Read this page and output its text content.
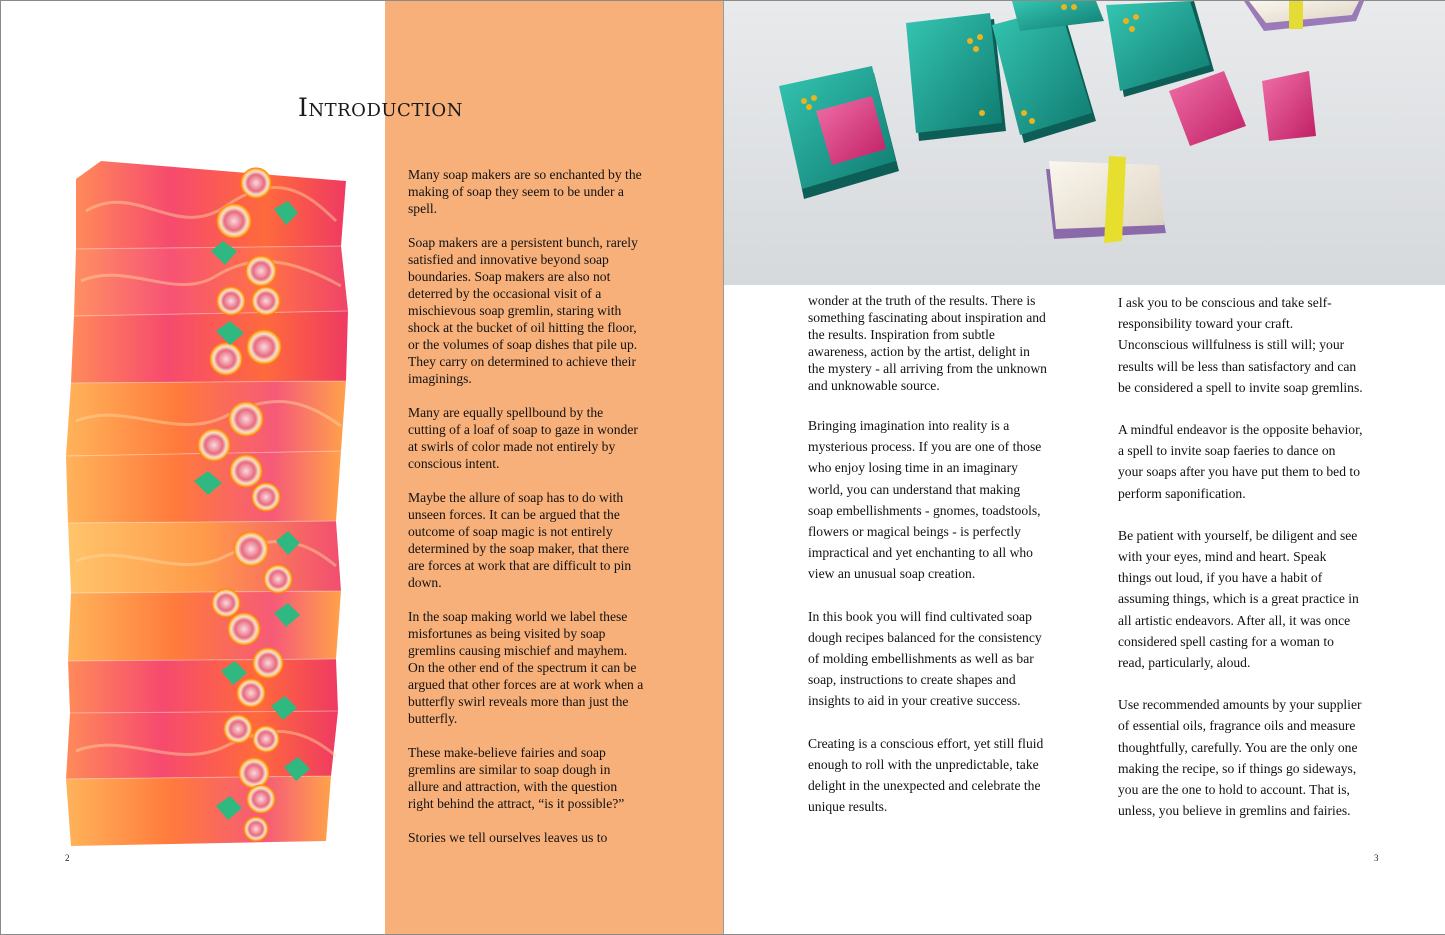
Introduction

Many soap makers are so enchanted by the making of soap they seem to be under a spell.

Soap makers are a persistent bunch, rarely satisfied and innovative beyond soap boundaries. Soap makers are also not deterred by the occasional visit of a mischievous soap gremlin, staring with shock at the bucket of oil hitting the floor, or the volumes of soap dishes that pile up. They carry on determined to achieve their imaginings.

Many are equally spellbound by the cutting of a loaf of soap to gaze in wonder at swirls of color made not entirely by conscious intent.

Maybe the allure of soap has to do with unseen forces. It can be argued that the outcome of soap magic is not entirely determined by the soap maker, that there are forces at work that are difficult to pin down.

In the soap making world we label these misfortunes as being visited by soap gremlins causing mischief and mayhem. On the other end of the spectrum it can be argued that other forces are at work when a butterfly swirl reveals more than just the butterfly.

These make-believe fairies and soap gremlins are similar to soap dough in allure and attraction, with the question right behind the attract, “is it possible?”

Stories we tell ourselves leaves us to

2

wonder at the truth of the results. There is something fascinating about inspiration and the results. Inspiration from subtle awareness, action by the artist, delight in the mystery - all arriving from the unknown and unknowable source.

Bringing imagination into reality is a mysterious process. If you are one of those who enjoy losing time in an imaginary world, you can understand that making soap embellishments - gnomes, toadstools, flowers or magical beings - is perfectly impractical and yet enchanting to all who view an unusual soap creation.

In this book you will find cultivated soap dough recipes balanced for the consistency of molding embellishments as well as bar soap, instructions to create shapes and insights to aid in your creative success.

Creating is a conscious effort, yet still fluid enough to roll with the unpredictable, take delight in the unexpected and celebrate the unique results.

I ask you to be conscious and take self-responsibility toward your craft. Unconscious willfulness is still will; your results will be less than satisfactory and can be considered a spell to invite soap gremlins.

A mindful endeavor is the opposite behavior, a spell to invite soap faeries to dance on your soaps after you have put them to bed to perform saponification.

Be patient with yourself, be diligent and see with your eyes, mind and heart. Speak things out loud, if you have a habit of assuming things, which is a great practice in all artistic endeavors. After all, it was once considered spell casting for a woman to read, particularly, aloud.

Use recommended amounts by your supplier of essential oils, fragrance oils and measure thoughtfully, carefully. You are the only one making the recipe, so if things go sideways, you are the one to hold to account. That is, unless, you believe in gremlins and fairies.

3
